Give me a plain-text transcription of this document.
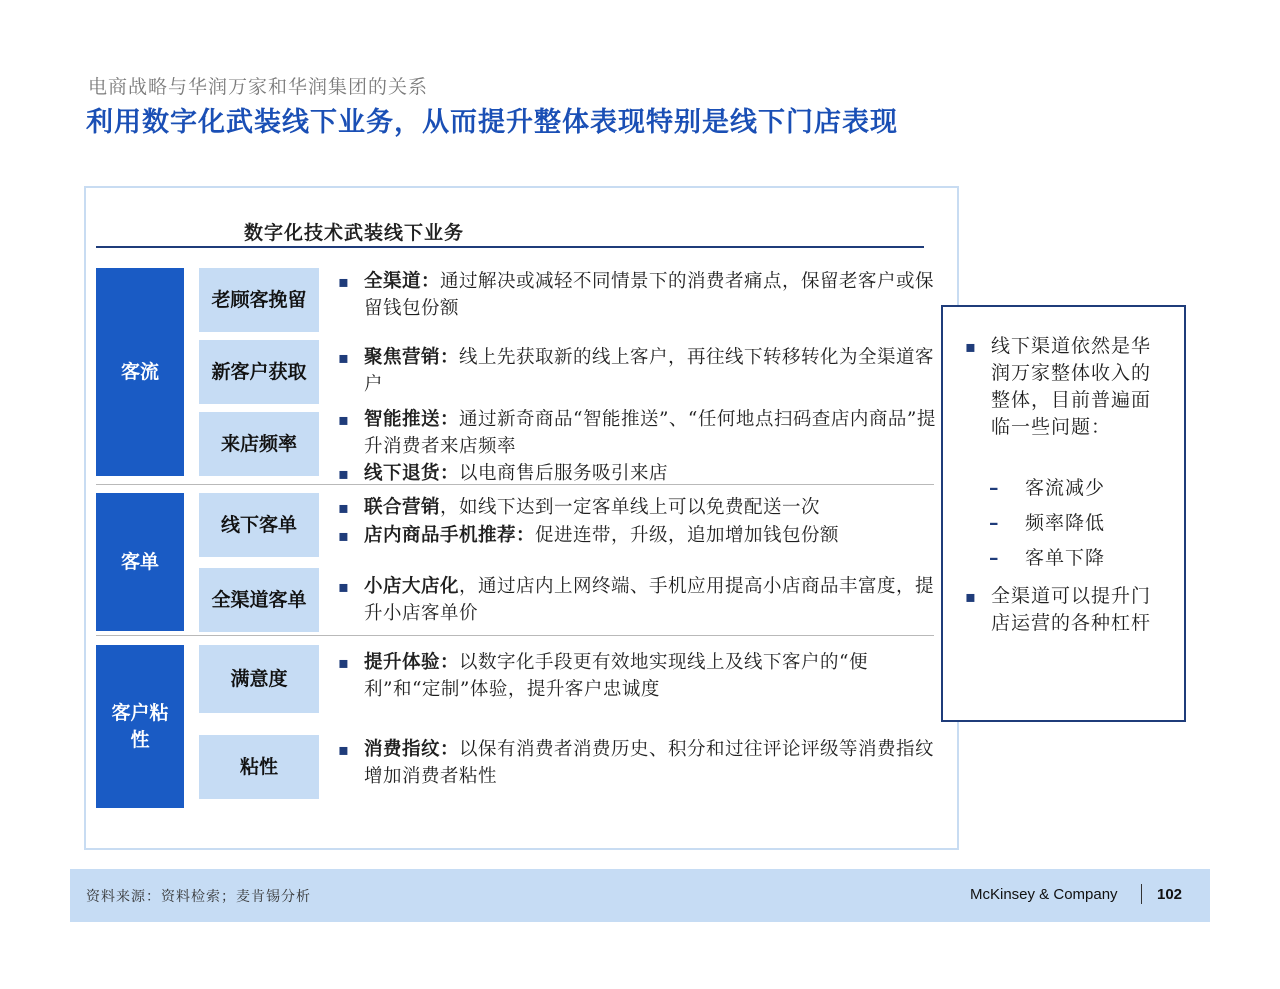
电商战略与华润万家和华润集团的关系
利用数字化武装线下业务，从而提升整体表现特别是线下门店表现
数字化技术武装线下业务
客流
老顾客挽留
新客户获取
来店频率
客单
线下客单
全渠道客单
客户粘性
满意度
粘性
▪ 全渠道：通过解决或减轻不同情景下的消费者痛点，保留老客户或保留钱包份额
▪ 聚焦营销：线上先获取新的线上客户，再往线下转移转化为全渠道客户
▪ 智能推送：通过新奇商品“智能推送”、“任何地点扫码查店内商品”提升消费者来店频率
▪ 线下退货：以电商售后服务吸引来店
▪ 联合营销，如线下达到一定客单线上可以免费配送一次
▪ 店内商品手机推荐：促进连带，升级，追加增加钱包份额
▪ 小店大店化，通过店内上网终端、手机应用提高小店商品丰富度，提升小店客单价
▪ 提升体验：以数字化手段更有效地实现线上及线下客户的“便利”和“定制”体验，提升客户忠诚度
▪ 消费指纹：以保有消费者消费历史、积分和过往评论评级等消费指纹增加消费者粘性
▪ 线下渠道依然是华润万家整体收入的整体，目前普遍面临一些问题：
– 客流减少
– 频率降低
– 客单下降
▪ 全渠道可以提升门店运营的各种杠杆
资料来源：资料检索；麦肯锡分析	McKinsey & Company	102
